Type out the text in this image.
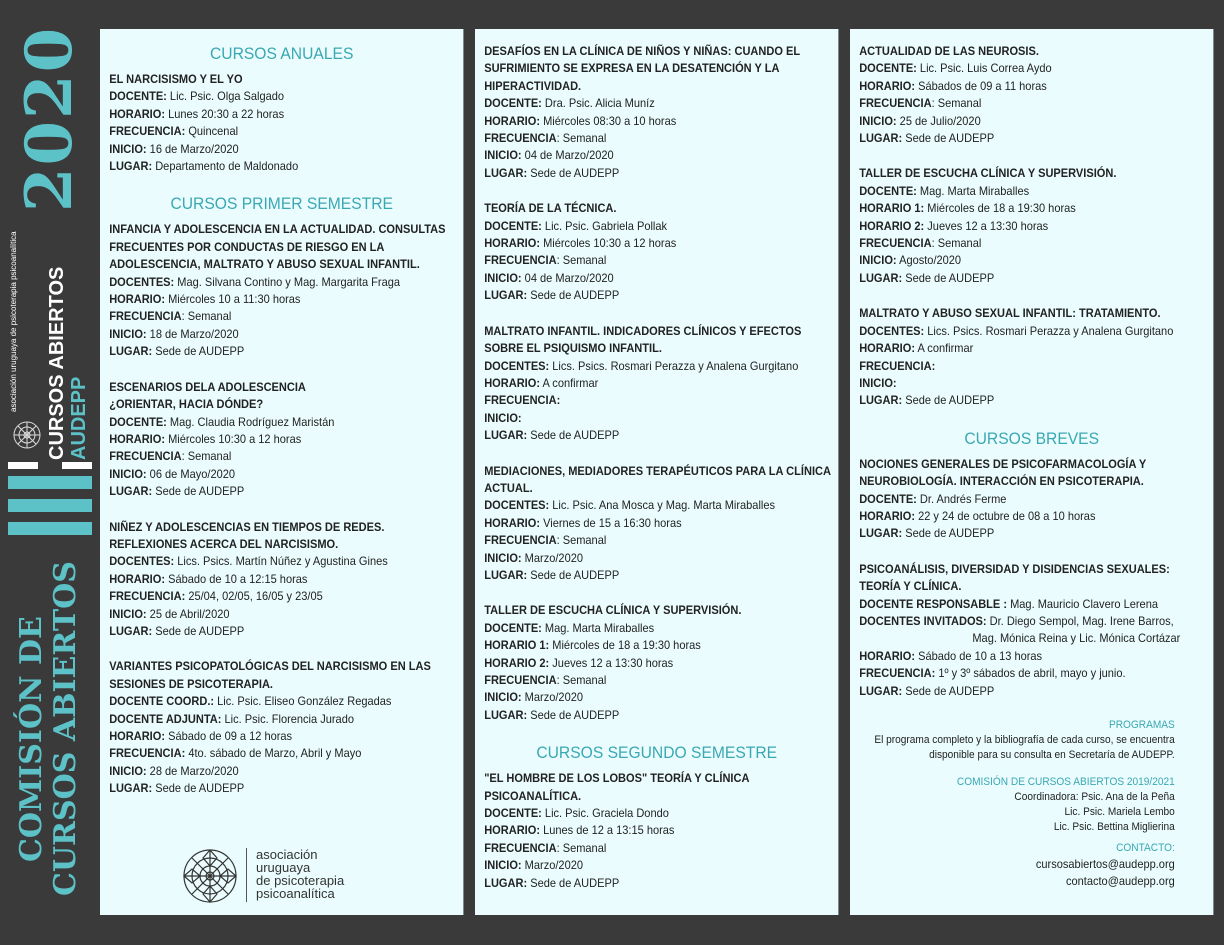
2020
CURSOS ABIERTOS AUDEPP
asociación uruguaya de psicoterapia psicoanalítica
COMISIÓN DE CURSOS ABIERTOS
CURSOS ANUALES
EL NARCISISMO Y EL YO
DOCENTE: Lic. Psic. Olga Salgado
HORARIO: Lunes 20:30 a 22 horas
FRECUENCIA: Quincenal
INICIO: 16 de Marzo/2020
LUGAR: Departamento de Maldonado
CURSOS PRIMER SEMESTRE
INFANCIA Y ADOLESCENCIA EN LA ACTUALIDAD. CONSULTAS
FRECUENTES POR CONDUCTAS DE RIESGO EN LA
ADOLESCENCIA, MALTRATO Y ABUSO SEXUAL INFANTIL.
DOCENTES: Mag. Silvana Contino y Mag. Margarita Fraga
HORARIO: Miércoles 10 a 11:30 horas
FRECUENCIA: Semanal
INICIO: 18 de Marzo/2020
LUGAR: Sede de AUDEPP
ESCENARIOS DELA ADOLESCENCIA
¿ORIENTAR, HACIA DÓNDE?
DOCENTE: Mag. Claudia Rodríguez Maristán
HORARIO: Miércoles 10:30 a 12 horas
FRECUENCIA: Semanal
INICIO: 06 de Mayo/2020
LUGAR: Sede de AUDEPP
NIÑEZ Y ADOLESCENCIAS EN TIEMPOS DE REDES.
REFLEXIONES ACERCA DEL NARCISISMO.
DOCENTES: Lics. Psics. Martín Núñez y Agustina Gines
HORARIO: Sábado de 10 a 12:15 horas
FRECUENCIA: 25/04, 02/05, 16/05 y 23/05
INICIO: 25 de Abril/2020
LUGAR: Sede de AUDEPP
VARIANTES PSICOPATOLÓGICAS DEL NARCISISMO EN LAS
SESIONES DE PSICOTERAPIA.
DOCENTE COORD.: Lic. Psic. Eliseo González Regadas
DOCENTE ADJUNTA: Lic. Psic. Florencia Jurado
HORARIO: Sábado de 09 a 12 horas
FRECUENCIA: 4to. sábado de Marzo, Abril y Mayo
INICIO: 28 de Marzo/2020
LUGAR: Sede de AUDEPP
asociación
uruguaya
de psicoterapia
psicoanalítica
DESAFÍOS EN LA CLÍNICA DE NIÑOS Y NIÑAS: CUANDO EL
SUFRIMIENTO SE EXPRESA EN LA DESATENCIÓN Y LA
HIPERACTIVIDAD.
DOCENTE: Dra. Psic. Alicia Muníz
HORARIO: Miércoles 08:30 a 10 horas
FRECUENCIA: Semanal
INICIO: 04 de Marzo/2020
LUGAR: Sede de AUDEPP
TEORÍA DE LA TÉCNICA.
DOCENTE: Lic. Psic. Gabriela Pollak
HORARIO: Miércoles 10:30 a 12 horas
FRECUENCIA: Semanal
INICIO: 04 de Marzo/2020
LUGAR: Sede de AUDEPP
MALTRATO INFANTIL. INDICADORES CLÍNICOS Y EFECTOS
SOBRE EL PSIQUISMO INFANTIL.
DOCENTES: Lics. Psics. Rosmari Perazza y Analena Gurgitano
HORARIO: A confirmar
FRECUENCIA:
INICIO:
LUGAR: Sede de AUDEPP
MEDIACIONES, MEDIADORES TERAPÉUTICOS PARA LA CLÍNICA
ACTUAL.
DOCENTES: Lic. Psic. Ana Mosca y Mag. Marta Miraballes
HORARIO: Viernes de 15 a 16:30 horas
FRECUENCIA: Semanal
INICIO: Marzo/2020
LUGAR: Sede de AUDEPP
TALLER DE ESCUCHA CLÍNICA Y SUPERVISIÓN.
DOCENTE: Mag. Marta Miraballes
HORARIO 1: Miércoles de 18 a 19:30 horas
HORARIO 2: Jueves 12 a 13:30 horas
FRECUENCIA: Semanal
INICIO: Marzo/2020
LUGAR: Sede de AUDEPP
CURSOS SEGUNDO SEMESTRE
"EL HOMBRE DE LOS LOBOS" TEORÍA Y CLÍNICA
PSICOANALÍTICA.
DOCENTE: Lic. Psic. Graciela Dondo
HORARIO: Lunes de 12 a 13:15 horas
FRECUENCIA: Semanal
INICIO: Marzo/2020
LUGAR: Sede de AUDEPP
ACTUALIDAD DE LAS NEUROSIS.
DOCENTE: Lic. Psic. Luis Correa Aydo
HORARIO: Sábados de 09 a 11 horas
FRECUENCIA: Semanal
INICIO: 25 de Julio/2020
LUGAR: Sede de AUDEPP
TALLER DE ESCUCHA CLÍNICA Y SUPERVISIÓN.
DOCENTE: Mag. Marta Miraballes
HORARIO 1: Miércoles de 18 a 19:30 horas
HORARIO 2: Jueves 12 a 13:30 horas
FRECUENCIA: Semanal
INICIO: Agosto/2020
LUGAR: Sede de AUDEPP
MALTRATO Y ABUSO SEXUAL INFANTIL: TRATAMIENTO.
DOCENTES: Lics. Psics. Rosmari Perazza y Analena Gurgitano
HORARIO: A confirmar
FRECUENCIA:
INICIO:
LUGAR: Sede de AUDEPP
CURSOS BREVES
NOCIONES GENERALES DE PSICOFARMACOLOGÍA Y
NEUROBIOLOGÍA. INTERACCIÓN EN PSICOTERAPIA.
DOCENTE: Dr. Andrés Ferme
HORARIO: 22 y 24 de octubre de 08 a 10 horas
LUGAR: Sede de AUDEPP
PSICOANÁLISIS, DIVERSIDAD Y DISIDENCIAS SEXUALES:
TEORÍA Y CLÍNICA.
DOCENTE RESPONSABLE : Mag. Mauricio Clavero Lerena
DOCENTES INVITADOS: Dr. Diego Sempol, Mag. Irene Barros,
Mag. Mónica Reina y Lic. Mónica Cortázar
HORARIO: Sábado de 10 a 13 horas
FRECUENCIA: 1º y 3º sábados de abril, mayo y junio.
LUGAR: Sede de AUDEPP
PROGRAMAS
El programa completo y la bibliografía de cada curso, se encuentra
disponible para su consulta en Secretaría de AUDEPP.
COMISIÓN DE CURSOS ABIERTOS 2019/2021
Coordinadora: Psic. Ana de la Peña
Lic. Psic. Mariela Lembo
Lic. Psic. Bettina Miglierina
CONTACTO:
cursosabiertos@audepp.org
contacto@audepp.org
